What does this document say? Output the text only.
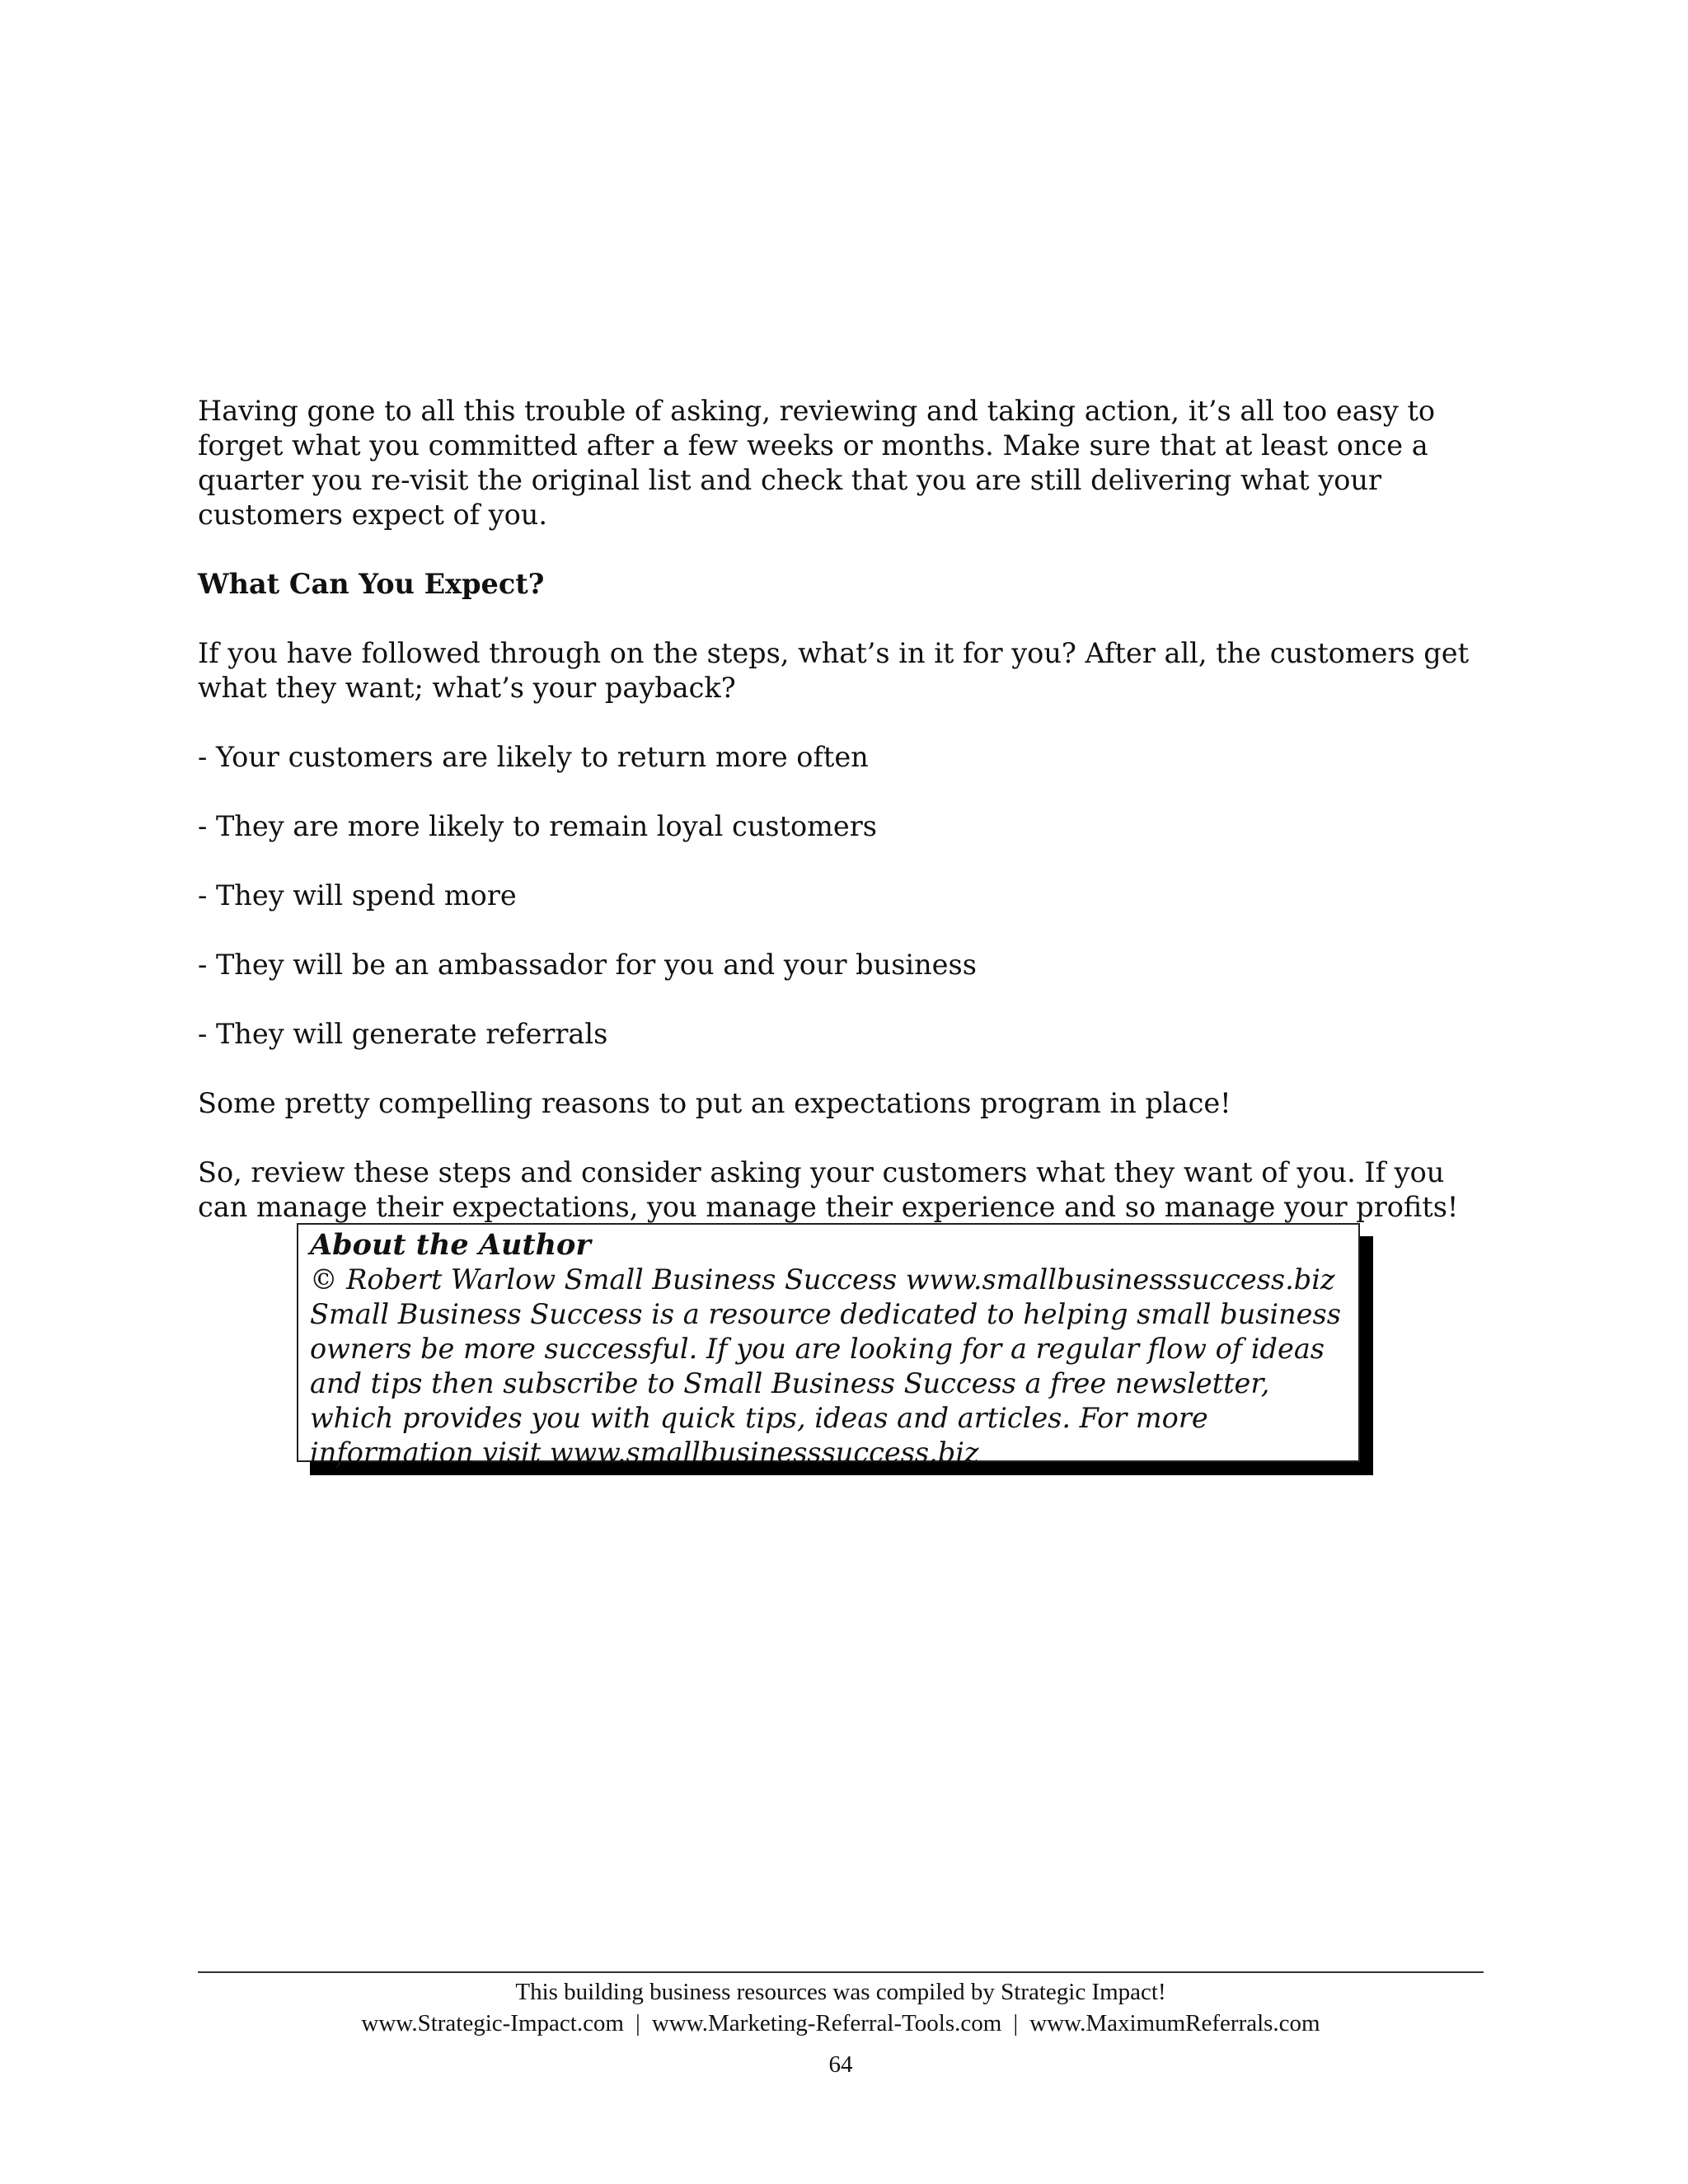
Having gone to all this trouble of asking, reviewing and taking action, it’s all too easy to forget what you committed after a few weeks or months. Make sure that at least once a quarter you re-visit the original list and check that you are still delivering what your customers expect of you.

What Can You Expect?

If you have followed through on the steps, what’s in it for you? After all, the customers get what they want; what’s your payback?

- Your customers are likely to return more often
- They are more likely to remain loyal customers
- They will spend more
- They will be an ambassador for you and your business
- They will generate referrals

Some pretty compelling reasons to put an expectations program in place!

So, review these steps and consider asking your customers what they want of you. If you can manage their expectations, you manage their experience and so manage your profits!

About the Author
© Robert Warlow Small Business Success www.smallbusinesssuccess.biz Small Business Success is a resource dedicated to helping small business owners be more successful. If you are looking for a regular flow of ideas and tips then subscribe to Small Business Success a free newsletter, which provides you with quick tips, ideas and articles. For more information visit www.smallbusinesssuccess.biz
This building business resources was compiled by Strategic Impact!
www.Strategic-Impact.com | www.Marketing-Referral-Tools.com | www.MaximumReferrals.com
64
